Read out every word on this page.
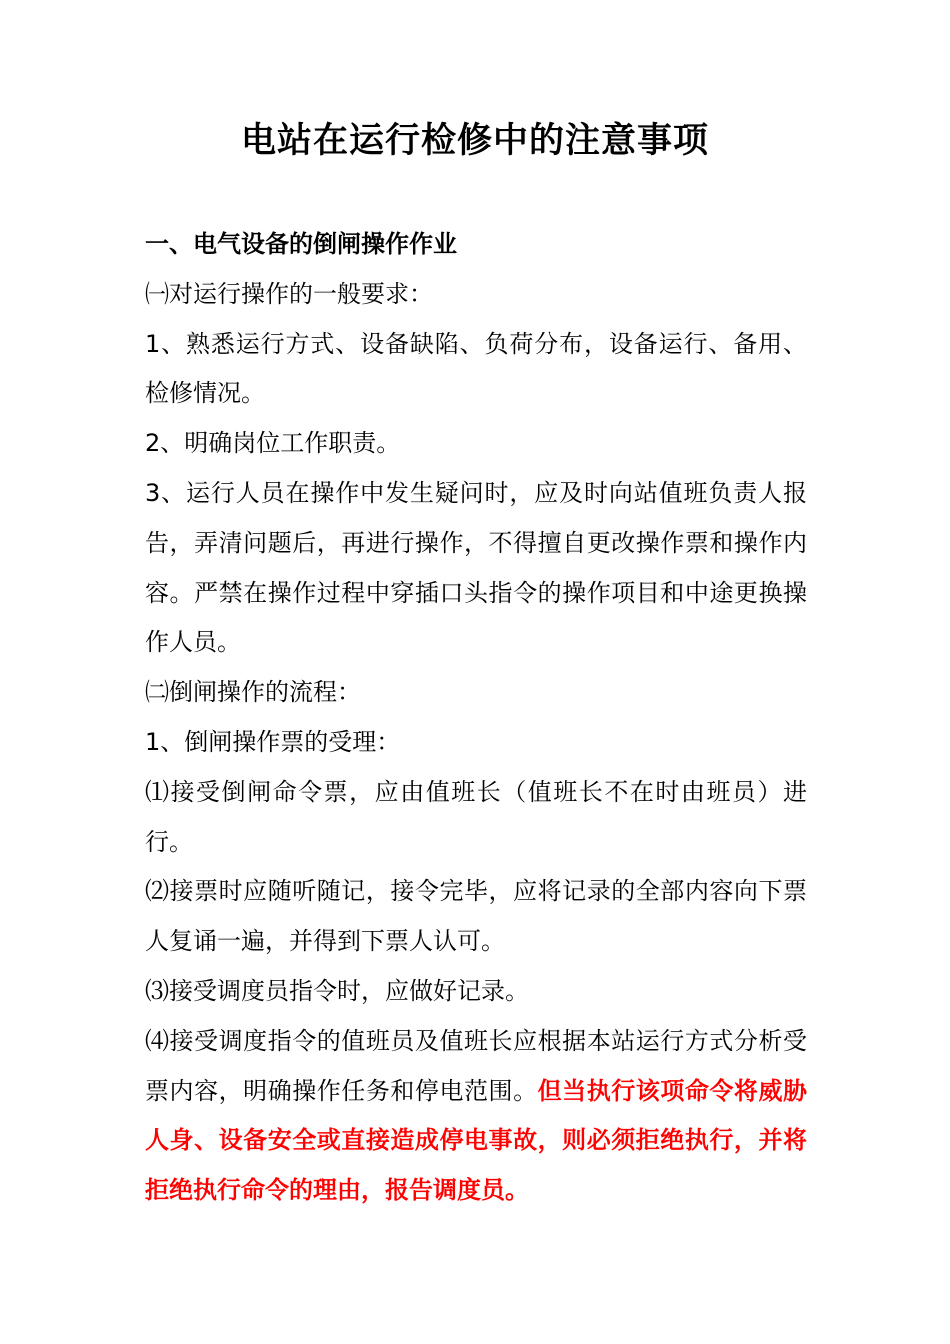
电站在运行检修中的注意事项

一、电气设备的倒闸操作作业

㈠对运行操作的一般要求：

1、熟悉运行方式、设备缺陷、负荷分布，设备运行、备用、检修情况。

2、明确岗位工作职责。

3、运行人员在操作中发生疑问时，应及时向站值班负责人报告，弄清问题后，再进行操作，不得擅自更改操作票和操作内容。严禁在操作过程中穿插口头指令的操作项目和中途更换操作人员。

㈡倒闸操作的流程：

1、倒闸操作票的受理：

⑴接受倒闸命令票，应由值班长（值班长不在时由班员）进行。

⑵接票时应随听随记，接令完毕，应将记录的全部内容向下票人复诵一遍，并得到下票人认可。

⑶接受调度员指令时，应做好记录。

⑷接受调度指令的值班员及值班长应根据本站运行方式分析受票内容，明确操作任务和停电范围。但当执行该项命令将威胁人身、设备安全或直接造成停电事故，则必须拒绝执行，并将拒绝执行命令的理由，报告调度员。
